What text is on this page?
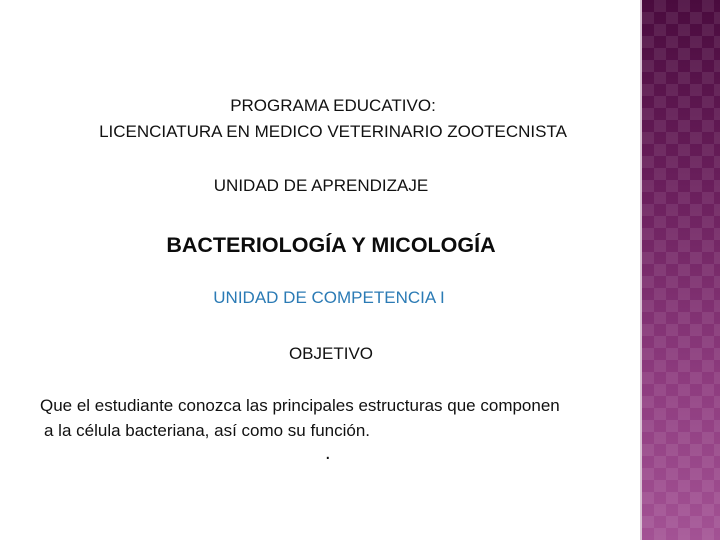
PROGRAMA EDUCATIVO:
LICENCIATURA EN MEDICO VETERINARIO ZOOTECNISTA
UNIDAD DE APRENDIZAJE
BACTERIOLOGÍA Y MICOLOGÍA
UNIDAD DE COMPETENCIA I
OBJETIVO
Que el estudiante conozca las principales estructuras que componen
a la célula bacteriana, así como su función.
.
